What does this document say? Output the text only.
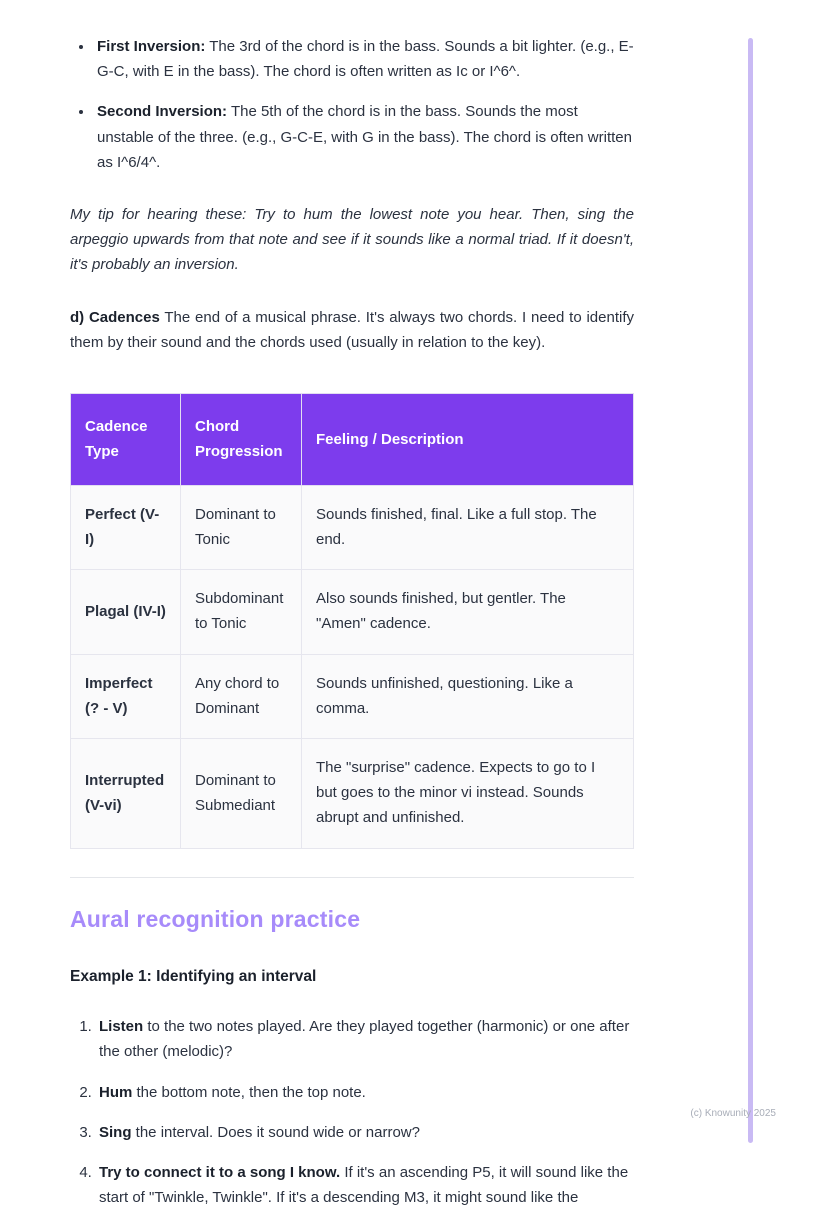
• First Inversion: The 3rd of the chord is in the bass. Sounds a bit lighter. (e.g., E-G-C, with E in the bass). The chord is often written as Ic or I^6^.
• Second Inversion: The 5th of the chord is in the bass. Sounds the most unstable of the three. (e.g., G-C-E, with G in the bass). The chord is often written as I^6/4^.

My tip for hearing these: Try to hum the lowest note you hear. Then, sing the arpeggio upwards from that note and see if it sounds like a normal triad. If it doesn't, it's probably an inversion.

d) Cadences The end of a musical phrase. It's always two chords. I need to identify them by their sound and the chords used (usually in relation to the key).

Cadence Type	Chord Progression	Feeling / Description
Perfect (V-I)	Dominant to Tonic	Sounds finished, final. Like a full stop. The end.
Plagal (IV-I)	Subdominant to Tonic	Also sounds finished, but gentler. The "Amen" cadence.
Imperfect (? - V)	Any chord to Dominant	Sounds unfinished, questioning. Like a comma.
Interrupted (V-vi)	Dominant to Submediant	The "surprise" cadence. Expects to go to I but goes to the minor vi instead. Sounds abrupt and unfinished.
Aural recognition practice
Example 1: Identifying an interval
1. Listen to the two notes played. Are they played together (harmonic) or one after the other (melodic)?
2. Hum the bottom note, then the top note.
3. Sing the interval. Does it sound wide or narrow?
4. Try to connect it to a song I know. If it's an ascending P5, it will sound like the start of "Twinkle, Twinkle". If it's a descending M3, it might sound like the
(c) Knowunity 2025
